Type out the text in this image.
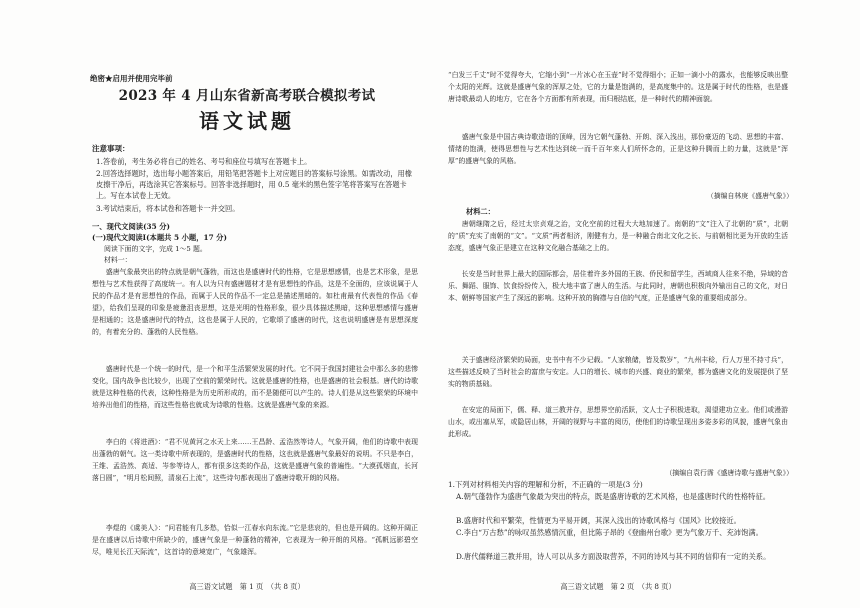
绝密★启用并使用完毕前
2023 年 4 月山东省新高考联合模拟考试
语文试题
注意事项：
1.答卷前，考生务必将自己的姓名、考号和座位号填写在答题卡上。
2.回答选择题时，选出每小题答案后，用铅笔把答题卡上对应题目的答案标号涂黑。如需改动，用橡皮擦干净后，再选涂其它答案标号。回答非选择题时，用 0.5 毫米的黑色签字笔将答案写在答题卡上。写在本试卷上无效。
3.考试结束后，将本试卷和答题卡一并交回。
一、现代文阅读(35 分)
(一)现代文阅读Ⅰ(本题共 5 小题，17 分)
阅读下面的文字，完成 1～5 题。
材料一：
盛唐气象最突出的特点就是朝气蓬勃，而这也是盛唐时代的性格，它是思想感情，也是艺术形象，是思想性与艺术性获得了高度统一。有人以为只有盛唐题材才是有思想性的作品，这是不全面的，应该说属于人民的作品才是有思想性的作品，而属于人民的作品不一定总是描述黑暗的。如杜甫最有代表性的作品《春望》，给我们呈现的印象是疲惫沮丧思想，这是光明的性格形象，很少具体描述黑暗，这种思想感情与盛唐是相通的；这是盛唐时代的特点，这也是属于人民的，它歌颂了盛唐的时代，这也说明盛唐是有思想深度的，有着充分的、蓬勃的人民性格。
盛唐时代是一个统一的时代，是一个和平生活繁荣发展的时代。它不同于我国封建社会中那么多的悲惨变化，国内战争也比较少，出现了空前的繁荣时代。这就是盛唐的性格，也是盛唐的社会根基。唐代的诗歌就是这种性格的代表，这种性格是为历史所形成的，而不是随便可以产生的。诗人们是从这些繁荣的环境中培养出他们的性格，而这些性格也就成为诗歌的性格。这就是盛唐气象的来源。
李白的《将进酒》：“君不见黄河之水天上来……王昌龄、孟浩然等诗人，气象开阔，他们的诗歌中表现出蓬勃的朝气。这一类诗歌中所表现的，是盛唐时代的性格，这也就是盛唐气象最好的说明。不只是李白，王维、孟浩然、高适、岑参等诗人，都有很多这类的作品，这就是盛唐气象的普遍性。“大漠孤烟直，长河落日圆”，“明月松间照，清泉石上流”，这些诗句都表现出了盛唐诗歌开朗的风格。
李煜的《虞美人》：“问君能有几多愁，恰似一江春水向东流。”它是悲哀的，但也是开阔的。这种开阔正是在盛唐以后诗歌中所缺少的，盛唐气象是一种蓬勃的精神，它表现为一种开朗的风格。“孤帆远影碧空尽，唯见长江天际流”，这首诗的意境宽广，气象雄浑。
高三语文试题　第 1 页　（共 8 页）
“白发三千丈”时不觉得夸大，它缩小到“一片冰心在玉壶”时不觉得细小；正如一滴小小的露水，也能够反映出整个太阳的光辉。这就是盛唐气象的浑厚之处，它的力量是饱满的，是高度集中的。这是属于时代的性格，也是盛唐诗歌最动人的地方，它在各个方面都有所表现，而归根结底，是一种时代的精神面貌。
盛唐气象是中国古典诗歌造诣的顶峰，因为它朝气蓬勃、开朗、深入浅出，那份豪迈的飞动、思想的丰富、情绪的饱满，使得思想性与艺术性达到统一而千百年来人们所怀念的，正是这种升腾而上的力量，这就是“浑厚”的盛唐气象的风格。
（摘编自林庚《盛唐气象》）
材料二：
唐朝继隋之后，经过太宗贞观之治，文化空前的过程大大地加速了。南朝的“文”注入了北朝的“质”，北朝的“质”充实了南朝的“文”。“文质”两者相济，刚健有力，是一种融合南北文化之长、与前朝相比更为开放的生活态度，盛唐气象正是建立在这种文化融合基础之上的。
长安是当时世界上最大的国际都会，居住着许多外国的王族、侨民和留学生，西域商人往来不绝，异域的音乐、舞蹈、服饰、饮食纷纷传入，极大地丰富了唐人的生活。与此同时，唐朝也积极向外输出自己的文化，对日本、朝鲜等国家产生了深远的影响。这种开放的胸襟与自信的气度，正是盛唐气象的重要组成部分。
关于盛唐经济繁荣的局面，史书中有不少记载。“人家粮储，皆及数岁”，“九州丰稔，行人万里不持寸兵”，这些描述反映了当时社会的富庶与安定。人口的增长、城市的兴盛、商业的繁荣，都为盛唐文化的发展提供了坚实的物质基础。
在安定的局面下，儒、释、道三教并存，思想界空前活跃，文人士子积极进取，渴望建功立业。他们或漫游山水，或出塞从军，或隐居山林，开阔的视野与丰富的阅历，使他们的诗歌呈现出多姿多彩的风貌，盛唐气象由此形成。
（摘编自袁行霈《盛唐诗歌与盛唐气象》）
1.下列对材料相关内容的理解和分析，不正确的一项是(3 分)
A.朝气蓬勃作为盛唐气象最为突出的特点，既是盛唐诗歌的艺术风格，也是盛唐时代的性格特征。
B.盛唐时代和平繁荣，性情更为平易开阔，其深入浅出的诗歌风格与《国风》比较接近。
C.李白“万古愁”的咏叹虽然感情沉重，但比陈子昂的《登幽州台歌》更为气象万千、充沛饱满。
D.唐代儒释道三教并用，诗人可以从多方面汲取营养，不同的诗风与其不同的信仰有一定的关系。
高三语文试题　第 2 页　（共 8 页）
